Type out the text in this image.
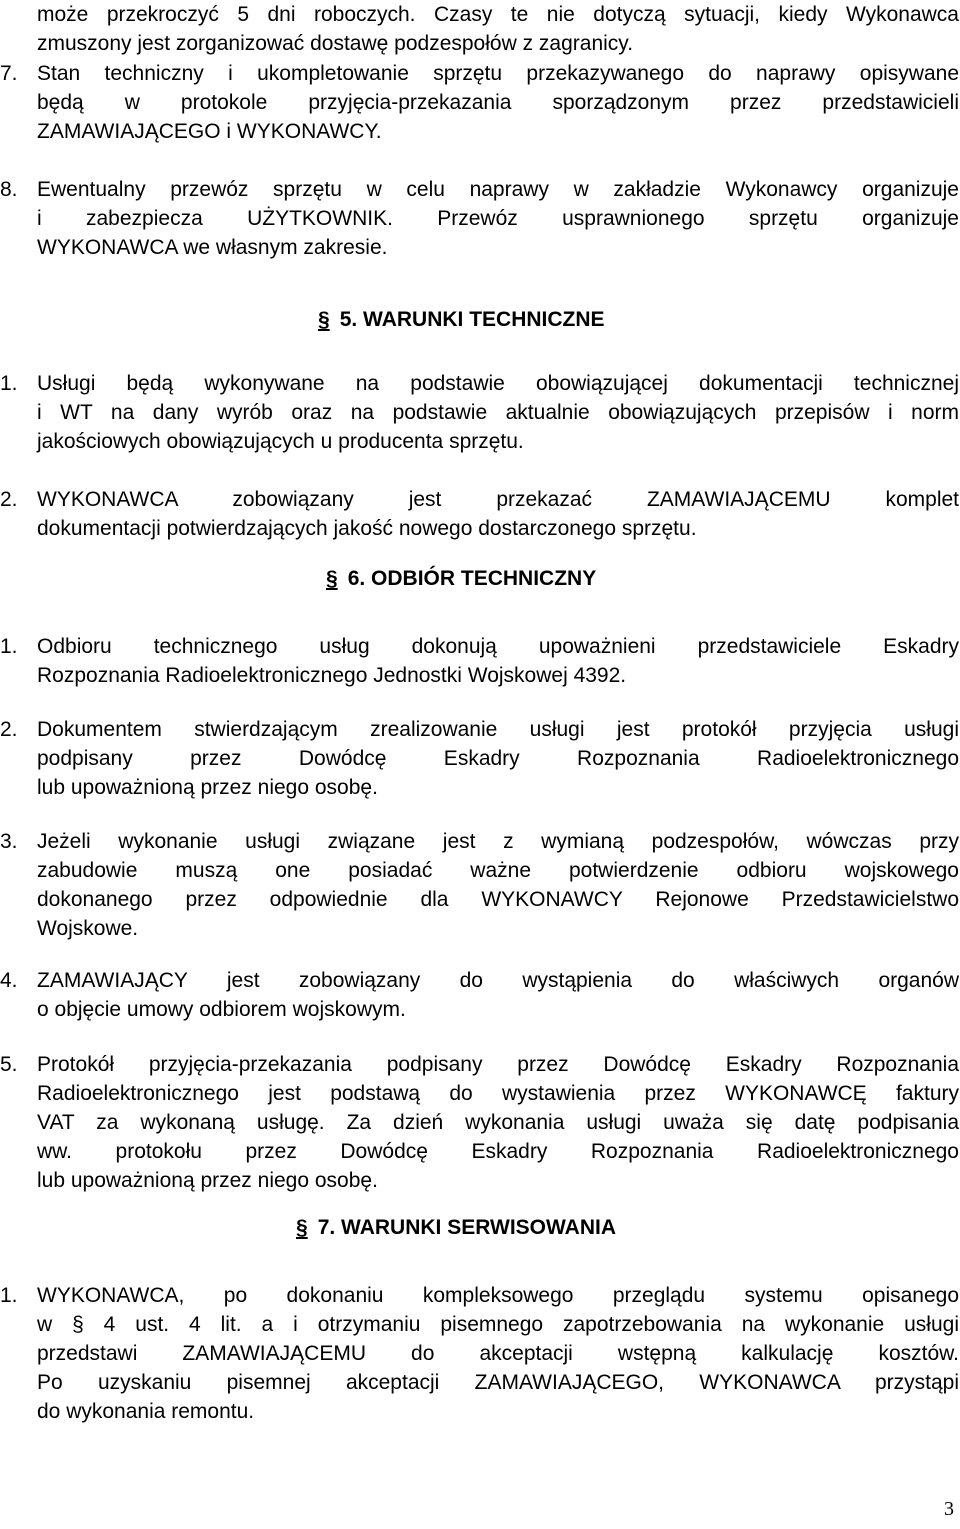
może przekroczyć 5 dni roboczych. Czasy te nie dotyczą sytuacji, kiedy Wykonawca
zmuszony jest zorganizować dostawę podzespołów z zagranicy.
7. Stan techniczny i ukompletowanie sprzętu przekazywanego do naprawy opisywane
będą w protokole przyjęcia-przekazania sporządzonym przez przedstawicieli
ZAMAWIAJĄCEGO i WYKONAWCY.
8. Ewentualny przewóz sprzętu w celu naprawy w zakładzie Wykonawcy organizuje
i zabezpiecza UŻYTKOWNIK. Przewóz usprawnionego sprzętu organizuje
WYKONAWCA we własnym zakresie.
§ 5. WARUNKI TECHNICZNE
1. Usługi będą wykonywane na podstawie obowiązującej dokumentacji technicznej
i WT na dany wyrób oraz na podstawie aktualnie obowiązujących przepisów i norm
jakościowych obowiązujących u producenta sprzętu.
2. WYKONAWCA zobowiązany jest przekazać ZAMAWIAJĄCEMU komplet
dokumentacji potwierdzających jakość nowego dostarczonego sprzętu.
§ 6. ODBIÓR TECHNICZNY
1. Odbioru technicznego usług dokonują upoważnieni przedstawiciele Eskadry
Rozpoznania Radioelektronicznego Jednostki Wojskowej 4392.
2. Dokumentem stwierdzającym zrealizowanie usługi jest protokół przyjęcia usługi
podpisany przez Dowódcę Eskadry Rozpoznania Radioelektronicznego
lub upoważnioną przez niego osobę.
3. Jeżeli wykonanie usługi związane jest z wymianą podzespołów, wówczas przy
zabudowie muszą one posiadać ważne potwierdzenie odbioru wojskowego
dokonanego przez odpowiednie dla WYKONAWCY Rejonowe Przedstawicielstwo
Wojskowe.
4. ZAMAWIAJĄCY jest zobowiązany do wystąpienia do właściwych organów
o objęcie umowy odbiorem wojskowym.
5. Protokół przyjęcia-przekazania podpisany przez Dowódcę Eskadry Rozpoznania
Radioelektronicznego jest podstawą do wystawienia przez WYKONAWCĘ faktury
VAT za wykonaną usługę. Za dzień wykonania usługi uważa się datę podpisania
ww. protokołu przez Dowódcę Eskadry Rozpoznania Radioelektronicznego
lub upoważnioną przez niego osobę.
§ 7. WARUNKI SERWISOWANIA
1. WYKONAWCA, po dokonaniu kompleksowego przeglądu systemu opisanego
w § 4 ust. 4 lit. a i otrzymaniu pisemnego zapotrzebowania na wykonanie usługi
przedstawi ZAMAWIAJĄCEMU do akceptacji wstępną kalkulację kosztów.
Po uzyskaniu pisemnej akceptacji ZAMAWIAJĄCEGO, WYKONAWCA przystąpi
do wykonania remontu.
3
